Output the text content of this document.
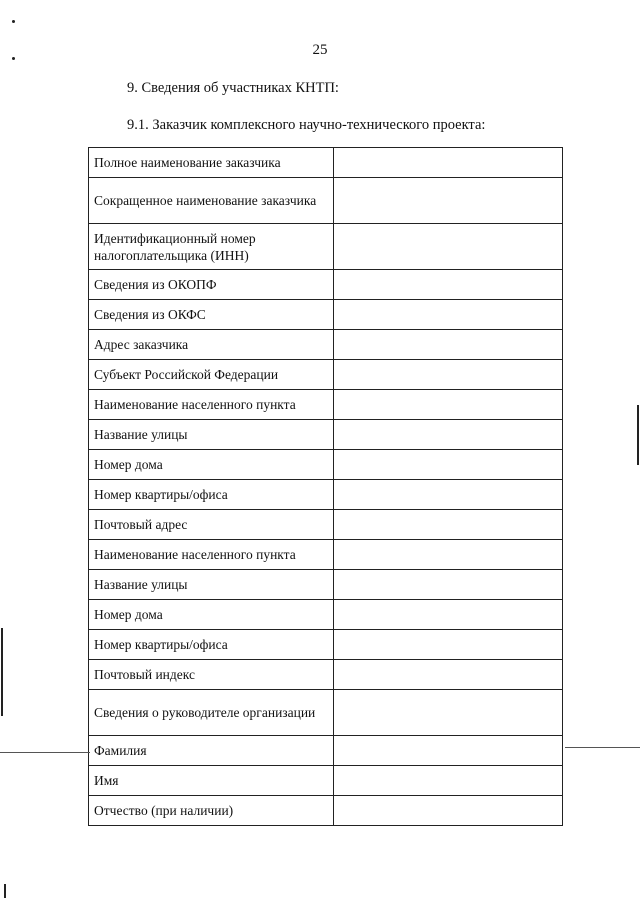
25
9. Сведения об участниках КНТП:
9.1. Заказчик комплексного научно-технического проекта:
Полное наименование заказчика	
Сокращенное наименование заказчика	
Идентификационный номер налогоплательщика (ИНН)	
Сведения из ОКОПФ	
Сведения из ОКФС	
Адрес заказчика	
Субъект Российской Федерации	
Наименование населенного пункта	
Название улицы	
Номер дома	
Номер квартиры/офиса	
Почтовый адрес	
Наименование населенного пункта	
Название улицы	
Номер дома	
Номер квартиры/офиса	
Почтовый индекс	
Сведения о руководителе организации	
Фамилия	
Имя	
Отчество (при наличии)	
